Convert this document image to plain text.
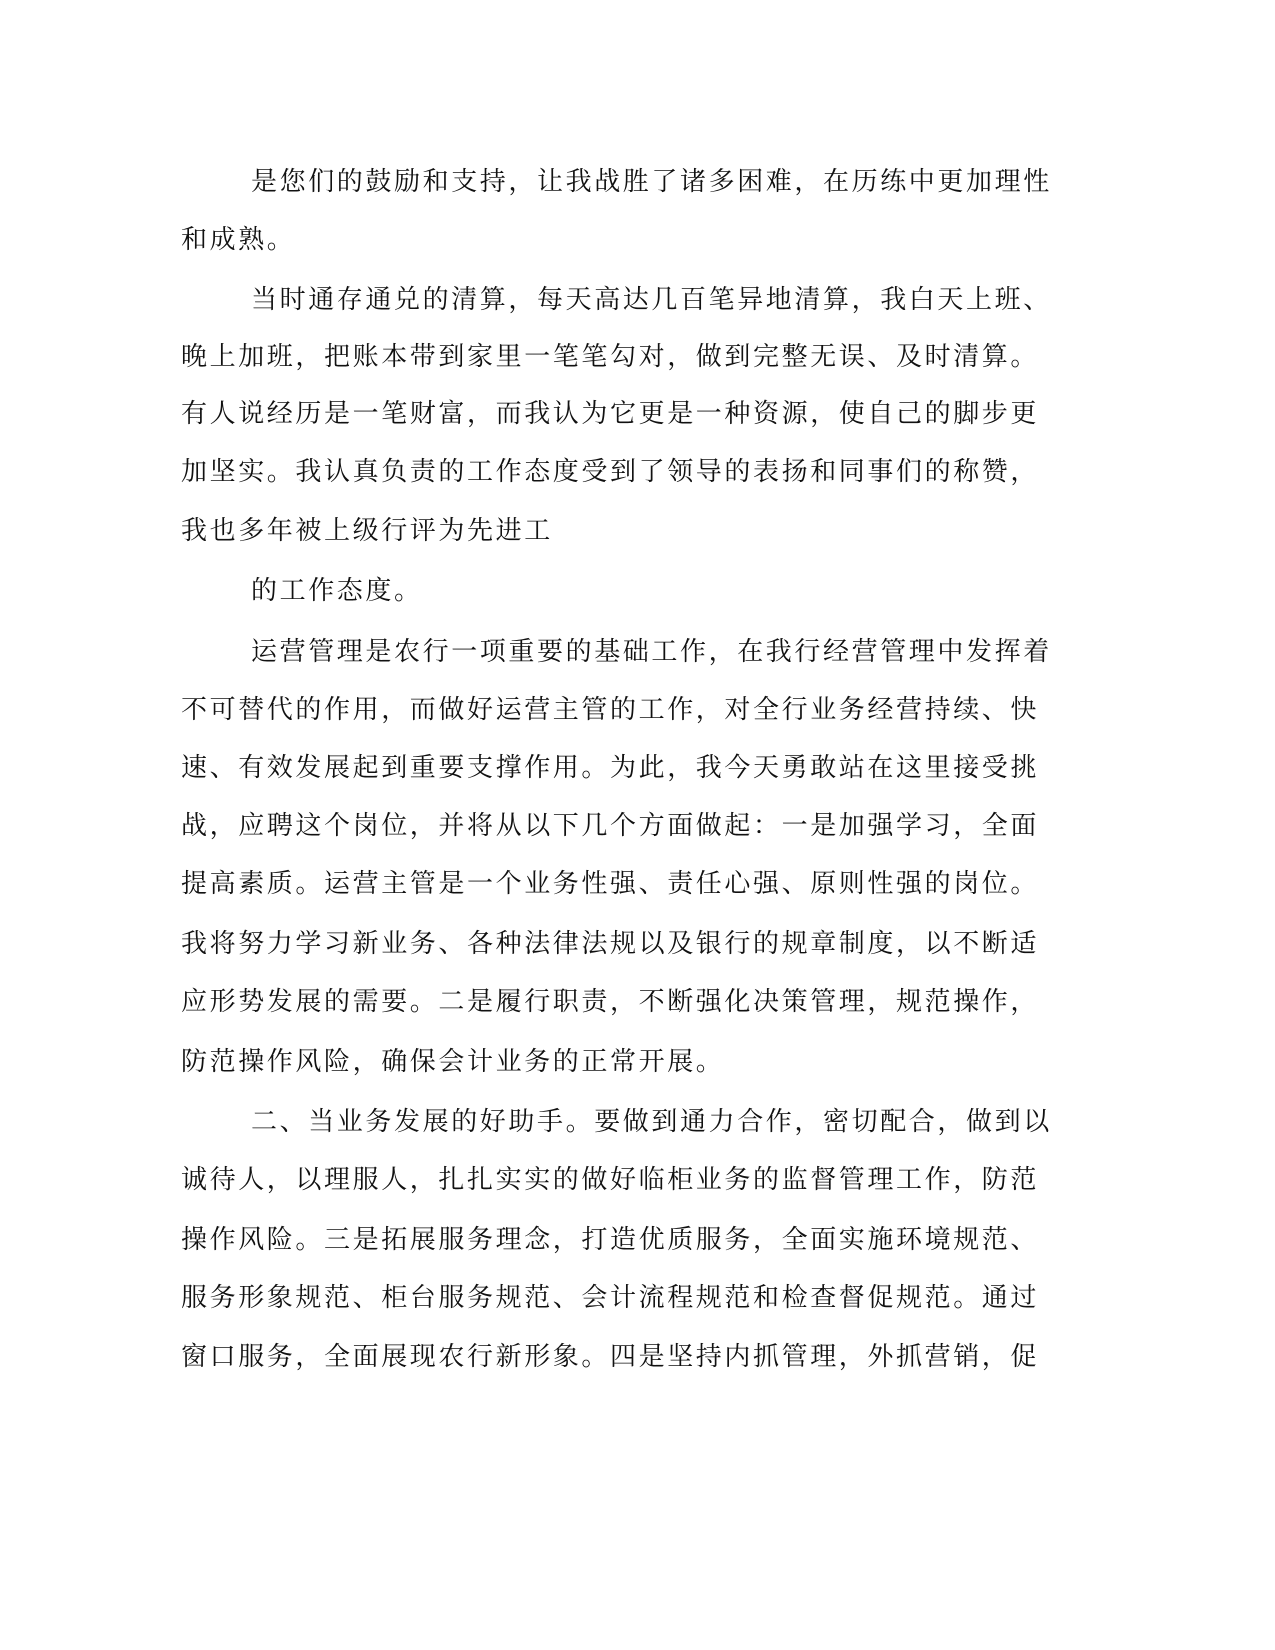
是您们的鼓励和支持，让我战胜了诸多困难，在历练中更加理性
和成熟。
当时通存通兑的清算，每天高达几百笔异地清算，我白天上班、
晚上加班，把账本带到家里一笔笔勾对，做到完整无误、及时清算。
有人说经历是一笔财富，而我认为它更是一种资源，使自己的脚步更
加坚实。我认真负责的工作态度受到了领导的表扬和同事们的称赞，
我也多年被上级行评为先进工
的工作态度。
运营管理是农行一项重要的基础工作，在我行经营管理中发挥着
不可替代的作用，而做好运营主管的工作，对全行业务经营持续、快
速、有效发展起到重要支撑作用。为此，我今天勇敢站在这里接受挑
战，应聘这个岗位，并将从以下几个方面做起：一是加强学习，全面
提高素质。运营主管是一个业务性强、责任心强、原则性强的岗位。
我将努力学习新业务、各种法律法规以及银行的规章制度，以不断适
应形势发展的需要。二是履行职责，不断强化决策管理，规范操作，
防范操作风险，确保会计业务的正常开展。
二、当业务发展的好助手。要做到通力合作，密切配合，做到以
诚待人，以理服人，扎扎实实的做好临柜业务的监督管理工作，防范
操作风险。三是拓展服务理念，打造优质服务，全面实施环境规范、
服务形象规范、柜台服务规范、会计流程规范和检查督促规范。通过
窗口服务，全面展现农行新形象。四是坚持内抓管理，外抓营销，促
